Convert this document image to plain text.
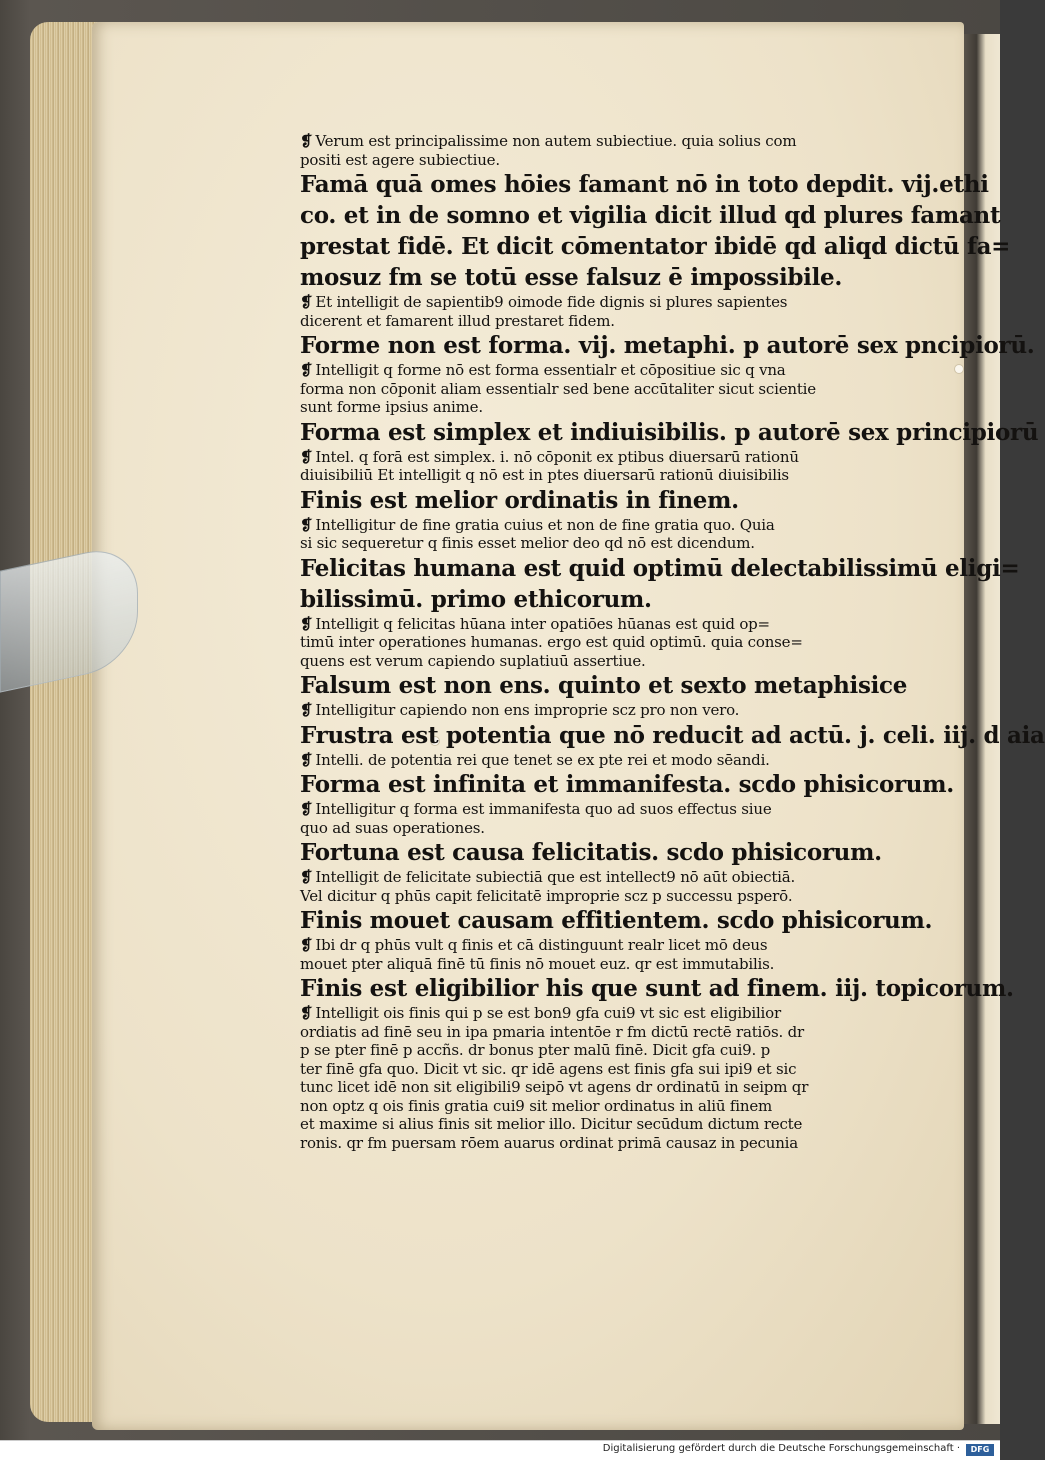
❡ Verum est principalissime non autem subiectiue. quia solius com
positi est agere subiectiue.
Famā quā omes hōies famant nō in toto depdit. vij.ethi
co. et in de somno et vigilia dicit illud qd plures famant
prestat fidē. Et dicit cōmentator ibidē qd aliqd dictū fa=
mosuz fm se totū esse falsuz ē impossibile.
❡ Et intelligit de sapientib9 oimode fide dignis si plures sapientes
dicerent et famarent illud prestaret fidem.
Forme non est forma. vij. metaphi. p autorē sex pncipiorū.
❡ Intelligit q forme nō est forma essentialr et cōpositiue sic q vna
forma non cōponit aliam essentialr sed bene accūtaliter sicut scientie
sunt forme ipsius anime.
Forma est simplex et indiuisibilis. p autorē sex principiorū
❡ Intel. q forā est simplex. i. nō cōponit ex ptibus diuersarū rationū
diuisibiliū Et intelligit q nō est in ptes diuersarū rationū diuisibilis
Finis est melior ordinatis in finem.
❡ Intelligitur de fine gratia cuius et non de fine gratia quo. Quia
si sic sequeretur q finis esset melior deo qd nō est dicendum.
Felicitas humana est quid optimū delectabilissimū eligi=
bilissimū. primo ethicorum.
❡ Intelligit q felicitas hūana inter opatiōes hūanas est quid op=
timū inter operationes humanas. ergo est quid optimū. quia conse=
quens est verum capiendo suplatiuū assertiue.
Falsum est non ens. quinto et sexto metaphisice
❡ Intelligitur capiendo non ens improprie scz pro non vero.
Frustra est potentia que nō reducit ad actū. j. celi. iij. d aia
❡ Intelli. de potentia rei que tenet se ex pte rei et modo sēandi.
Forma est infinita et immanifesta. scdo phisicorum.
❡ Intelligitur q forma est immanifesta quo ad suos effectus siue
quo ad suas operationes.
Fortuna est causa felicitatis. scdo phisicorum.
❡ Intelligit de felicitate subiectiā que est intellect9 nō aūt obiectiā.
Vel dicitur q phūs capit felicitatē improprie scz p successu psperō.
Finis mouet causam effitientem. scdo phisicorum.
❡ Ibi dr q phūs vult q finis et cā distinguunt realr licet mō deus
mouet pter aliquā finē tū finis nō mouet euz. qr est immutabilis.
Finis est eligibilior his que sunt ad finem. iij. topicorum.
❡ Intelligit ois finis qui p se est bon9 gfa cui9 vt sic est eligibilior
ordiatis ad finē seu in ipa pmaria intentōe r fm dictū rectē ratiōs. dr
p se pter finē p accñs. dr bonus pter malū finē. Dicit gfa cui9. p
ter finē gfa quo. Dicit vt sic. qr idē agens est finis gfa sui ipi9 et sic
tunc licet idē non sit eligibili9 seipō vt agens dr ordinatū in seipm qr
non optz q ois finis gratia cui9 sit melior ordinatus in aliū finem
et maxime si alius finis sit melior illo. Dicitur secūdum dictum recte
ronis. qr fm puersam rōem auarus ordinat primā causaz in pecunia
Digitalisierung gefördert durch die Deutsche Forschungsgemeinschaft ·	DFG
